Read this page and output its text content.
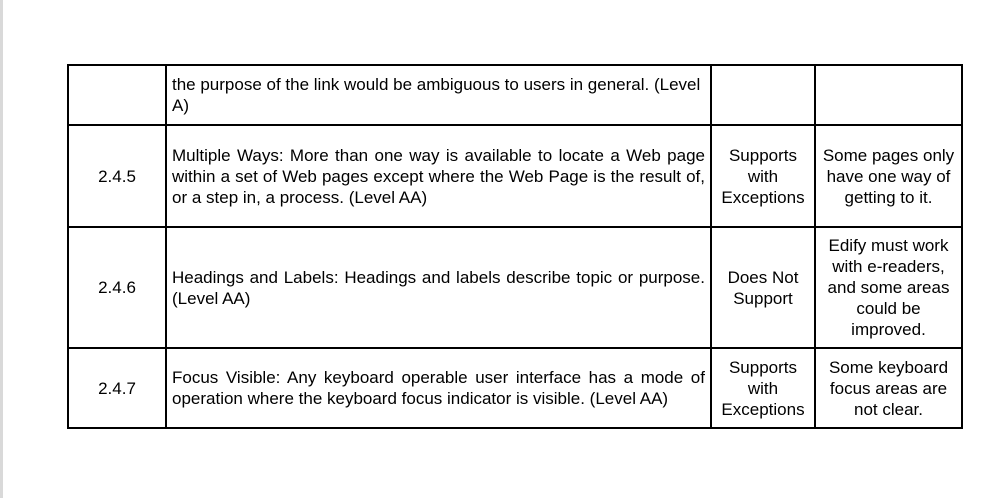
	the purpose of the link would be ambiguous to users in general. (Level A)		
2.4.5	Multiple Ways: More than one way is available to locate a Web page within a set of Web pages except where the Web Page is the result of, or a step in, a process. (Level AA)	Supports with Exceptions	Some pages only have one way of getting to it.
2.4.6	Headings and Labels: Headings and labels describe topic or purpose. (Level AA)	Does Not Support	Edify must work with e-readers, and some areas could be improved.
2.4.7	Focus Visible: Any keyboard operable user interface has a mode of operation where the keyboard focus indicator is visible. (Level AA)	Supports with Exceptions	Some keyboard focus areas are not clear.
